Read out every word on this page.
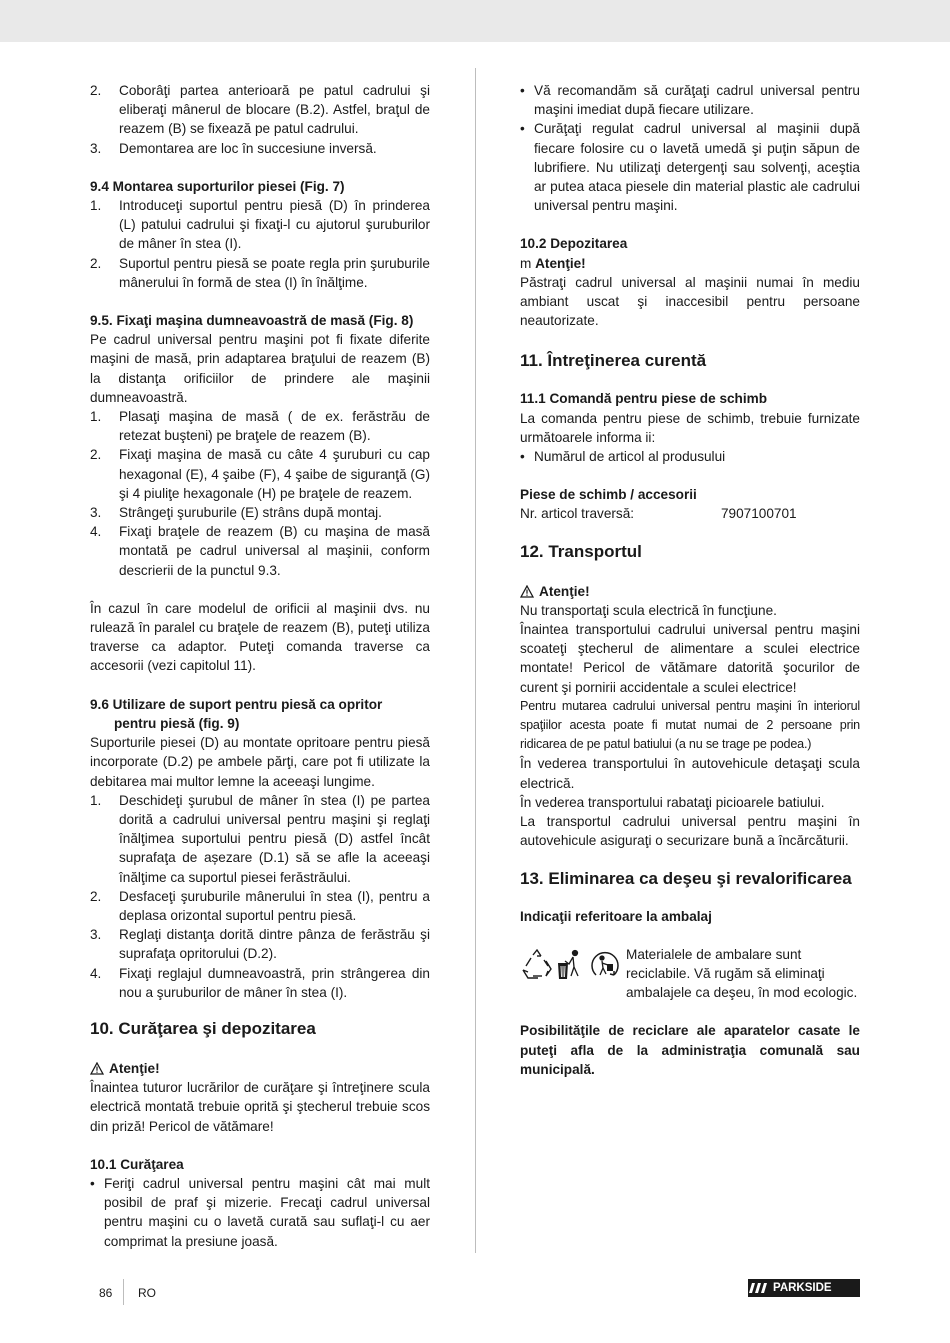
2.	Coborâţi partea anterioară pe patul cadrului şi eliberaţi mânerul de blocare (B.2). Astfel, braţul de reazem (B) se fixează pe patul cadrului.
3.	Demontarea are loc în succesiune inversă.

9.4 Montarea suporturilor piesei (Fig. 7)

1.	Introduceţi suportul pentru piesă (D) în prinderea (L) patului cadrului şi fixaţi-l cu ajutorul şuruburilor de mâner în stea (I).
2.	Suportul pentru piesă se poate regla prin şuruburile mânerului în formă de stea (I) în înălţime.

9.5. Fixaţi maşina dumneavoastră de masă (Fig. 8)

Pe cadrul universal pentru maşini pot fi fixate diferite maşini de masă, prin adaptarea braţului de reazem (B) la distanţa orificiilor de prindere ale maşinii dumneavoastră.

1.	Plasaţi maşina de masă ( de ex. ferăstrău de retezat buşteni) pe braţele de reazem (B).
2.	Fixaţi maşina de masă cu câte 4 şuruburi cu cap hexagonal (E), 4 şaibe (F), 4 şaibe de siguranţă (G) şi 4 piuliţe hexagonale (H) pe braţele de reazem.
3.	Strângeţi şuruburile (E) strâns după montaj.
4.	Fixaţi braţele de reazem (B) cu maşina de masă montată pe cadrul universal al maşinii, conform descrierii de la punctul 9.3.

În cazul în care modelul de orificii al maşinii dvs. nu rulează în paralel cu braţele de reazem (B), puteţi utiliza traverse ca adaptor. Puteţi comanda traverse ca accesorii (vezi capitolul 11).

9.6 Utilizare de suport pentru piesă ca opritor
pentru piesă (fig. 9)

Suporturile piesei (D) au montate opritoare pentru piesă incorporate (D.2) pe ambele părţi, care pot fi utilizate la debitarea mai multor lemne la aceeaşi lungime.

1.	Deschideţi şurubul de mâner în stea (I) pe partea dorită a cadrului universal pentru maşini şi reglaţi înălţimea suportului pentru piesă (D) astfel încât suprafaţa de așezare (D.1) să se afle la aceeaşi înălţime ca suportul piesei ferăstrăului.
2.	Desfaceţi şuruburile mânerului în stea (I), pentru a deplasa orizontal suportul pentru piesă.
3.	Reglaţi distanţa dorită dintre pânza de ferăstrău şi suprafaţa opritorului (D.2).
4.	Fixaţi reglajul dumneavoastră, prin strângerea din nou a şuruburilor de mâner în stea (I).

10. Curăţarea şi depozitarea

Atenţie!

Înaintea tuturor lucrărilor de curăţare şi întreţinere scula electrică montată trebuie oprită şi ştecherul trebuie scos din priză! Pericol de vătămare!

10.1 Curăţarea

• Feriţi cadrul universal pentru maşini cât mai mult posibil de praf şi mizerie. Frecaţi cadrul universal pentru maşini cu o lavetă curată sau suflaţi-l cu aer comprimat la presiune joasă.
• Vă recomandăm să curăţaţi cadrul universal pentru maşini imediat după fiecare utilizare.
• Curăţaţi regulat cadrul universal al maşinii după fiecare folosire cu o lavetă umedă şi puţin săpun de lubrifiere. Nu utilizaţi detergenţi sau solvenţi, aceştia ar putea ataca piesele din material plastic ale cadrului universal pentru maşini.

10.2 Depozitarea

m Atenţie!

Păstraţi cadrul universal al maşinii numai în mediu ambiant uscat şi inaccesibil pentru persoane neautorizate.

11. Întreţinerea curentă

11.1 Comandă pentru piese de schimb

La comanda pentru piese de schimb, trebuie furnizate următoarele informa ii:

• Numărul de articol al produsului

Piese de schimb / accesorii

Nr. articol traversă:	7907100701

12. Transportul

Atenţie!

Nu transportaţi scula electrică în funcţiune.

Înaintea transportului cadrului universal pentru maşini scoateţi ştecherul de alimentare a sculei electrice montate! Pericol de vătămare datorită şocurilor de curent şi pornirii accidentale a sculei electrice!

Pentru mutarea cadrului universal pentru maşini în interiorul spaţiilor acesta poate fi mutat numai de 2 persoane prin ridicarea de pe patul batiului (a nu se trage pe podea.)

În vederea transportului în autovehicule detaşaţi scula electrică.

În vederea transportului rabataţi picioarele batiului.

La transportul cadrului universal pentru maşini în autovehicule asiguraţi o securizare bună a încărcăturii.

13. Eliminarea ca deşeu şi revalorificarea

Indicaţii referitoare la ambalaj

Materialele de ambalare sunt reciclabile. Vă rugăm să eliminaţi ambalajele ca deşeu, în mod ecologic.

Posibilităţile de reciclare ale aparatelor casate le puteţi afla de la administraţia comunală sau municipală.

86 RO	PARKSIDE
